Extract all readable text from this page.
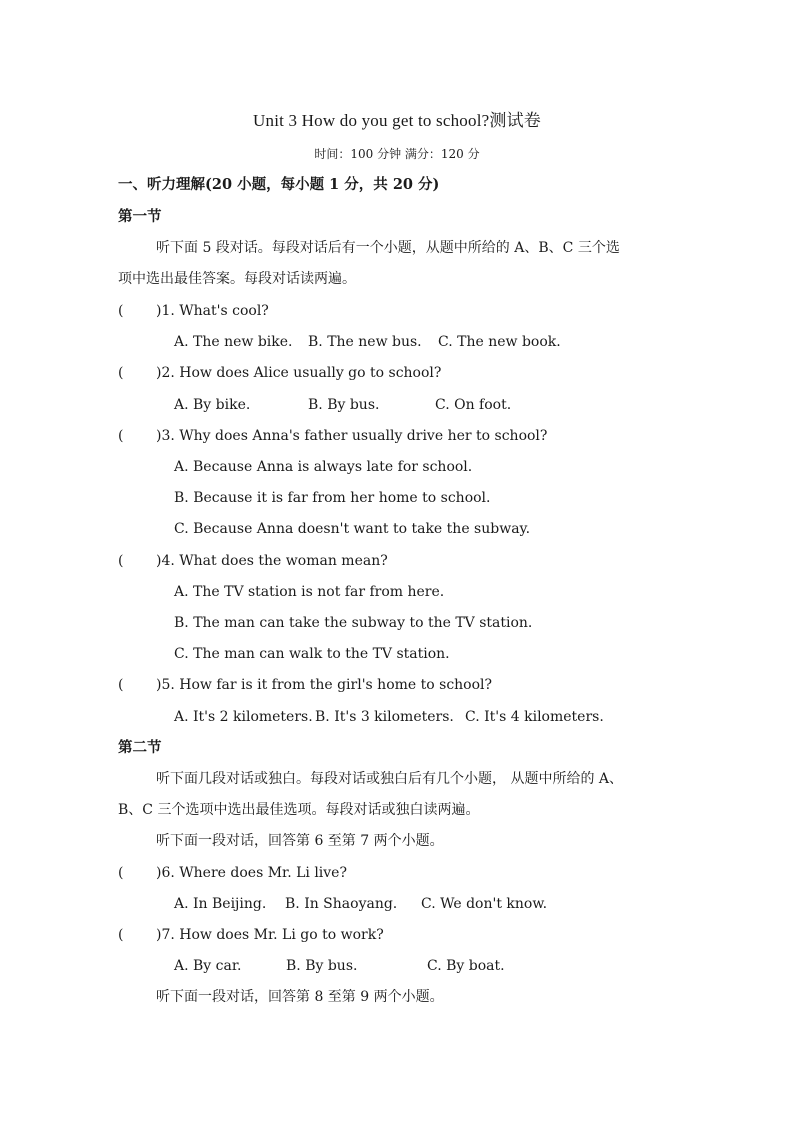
Unit 3 How do you get to school?测试卷
时间：100 分钟 满分：120 分
一、听力理解(20 小题，每小题 1 分，共 20 分)
第一节
听下面 5 段对话。每段对话后有一个小题，从题中所给的 A、B、C 三个选
项中选出最佳答案。每段对话读两遍。
( )1. What's cool?
A. The new bike. B. The new bus. C. The new book.
( )2. How does Alice usually go to school?
A. By bike.	B. By bus.	C. On foot.
( )3. Why does Anna's father usually drive her to school?
A. Because Anna is always late for school.
B. Because it is far from her home to school.
C. Because Anna doesn't want to take the subway.
( )4. What does the woman mean?
A. The TV station is not far from here.
B. The man can take the subway to the TV station.
C. The man can walk to the TV station.
( )5. How far is it from the girl's home to school?
A. It's 2 kilometers. B. It's 3 kilometers. C. It's 4 kilometers.
第二节
听下面几段对话或独白。每段对话或独白后有几个小题， 从题中所给的 A、
B、C 三个选项中选出最佳选项。每段对话或独白读两遍。
听下面一段对话，回答第 6 至第 7 两个小题。
( )6. Where does Mr. Li live?
A. In Beijing. B. In Shaoyang. C. We don't know.
( )7. How does Mr. Li go to work?
A. By car.	B. By bus.	C. By boat.
听下面一段对话，回答第 8 至第 9 两个小题。
